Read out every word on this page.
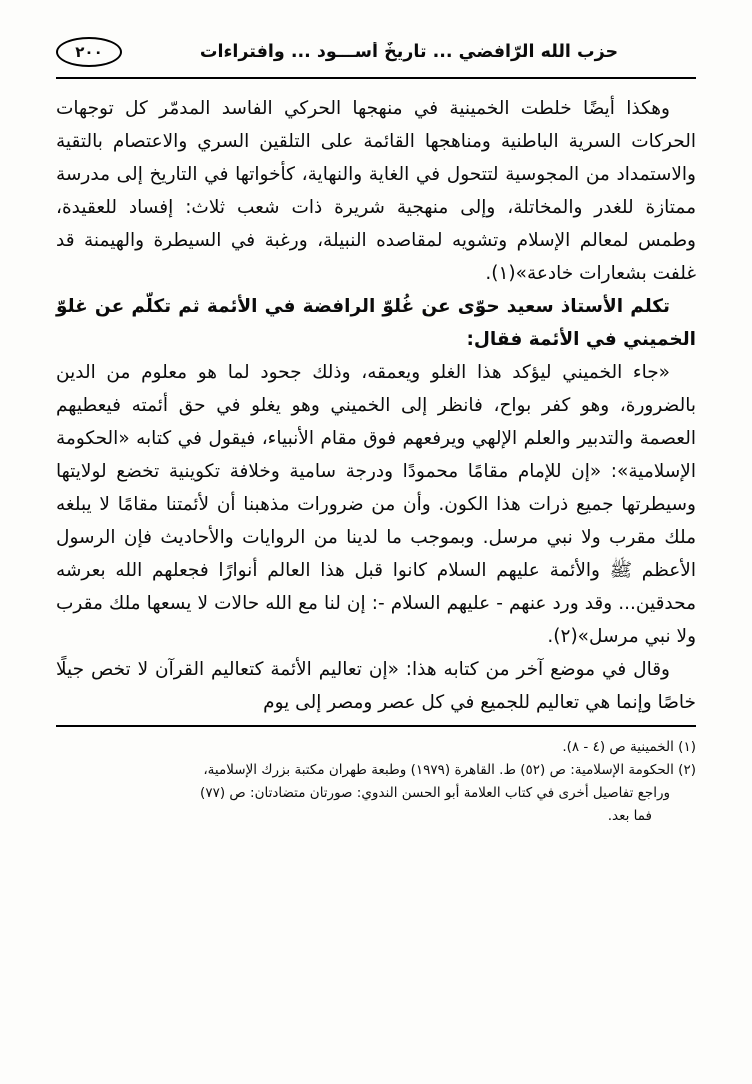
حزب الله الرّافضي ... تاريخٌ أســـود ... وافتراءات
٢٠٠

وهكذا أيضًا خلطت الخمينية في منهجها الحركي الفاسد المدمّر كل توجهات الحركات السرية الباطنية ومناهجها القائمة على التلقين السري والاعتصام بالتقية والاستمداد من المجوسية لتتحول في الغاية والنهاية، كأخواتها في التاريخ إلى مدرسة ممتازة للغدر والمخاتلة، وإلى منهجية شريرة ذات شعب ثلاث: إفساد للعقيدة، وطمس لمعالم الإسلام وتشويه لمقاصده النبيلة، ورغبة في السيطرة والهيمنة قد غلفت بشعارات خادعة»(١).

تكلم الأستاذ سعيد حوّى عن غُلوّ الرافضة في الأئمة ثم تكلّم عن غلوّ الخميني في الأئمة فقال:

«جاء الخميني ليؤكد هذا الغلو ويعمقه، وذلك جحود لما هو معلوم من الدين بالضرورة، وهو كفر بواح، فانظر إلى الخميني وهو يغلو في حق أئمته فيعطيهم العصمة والتدبير والعلم الإلهي ويرفعهم فوق مقام الأنبياء، فيقول في كتابه «الحكومة الإسلامية»: «إن للإمام مقامًا محمودًا ودرجة سامية وخلافة تكوينية تخضع لولايتها وسيطرتها جميع ذرات هذا الكون. وأن من ضرورات مذهبنا أن لأئمتنا مقامًا لا يبلغه ملك مقرب ولا نبي مرسل. وبموجب ما لدينا من الروايات والأحاديث فإن الرسول الأعظم ﷺ والأئمة عليهم السلام كانوا قبل هذا العالم أنوارًا فجعلهم الله بعرشه محدقين... وقد ورد عنهم - عليهم السلام -: إن لنا مع الله حالات لا يسعها ملك مقرب ولا نبي مرسل»(٢).

وقال في موضع آخر من كتابه هذا: «إن تعاليم الأئمة كتعاليم القرآن لا تخص جيلًا خاصًا وإنما هي تعاليم للجميع في كل عصر ومصر إلى يوم

(١) الخمينية ص (٤ - ٨).

(٢) الحكومة الإسلامية: ص (٥٢) ط. القاهرة (١٩٧٩) وطبعة طهران مكتبة بزرك الإسلامية،

وراجع تفاصيل أخرى في كتاب العلامة أبو الحسن الندوي: صورتان متضادتان: ص (٧٧)

فما بعد.
